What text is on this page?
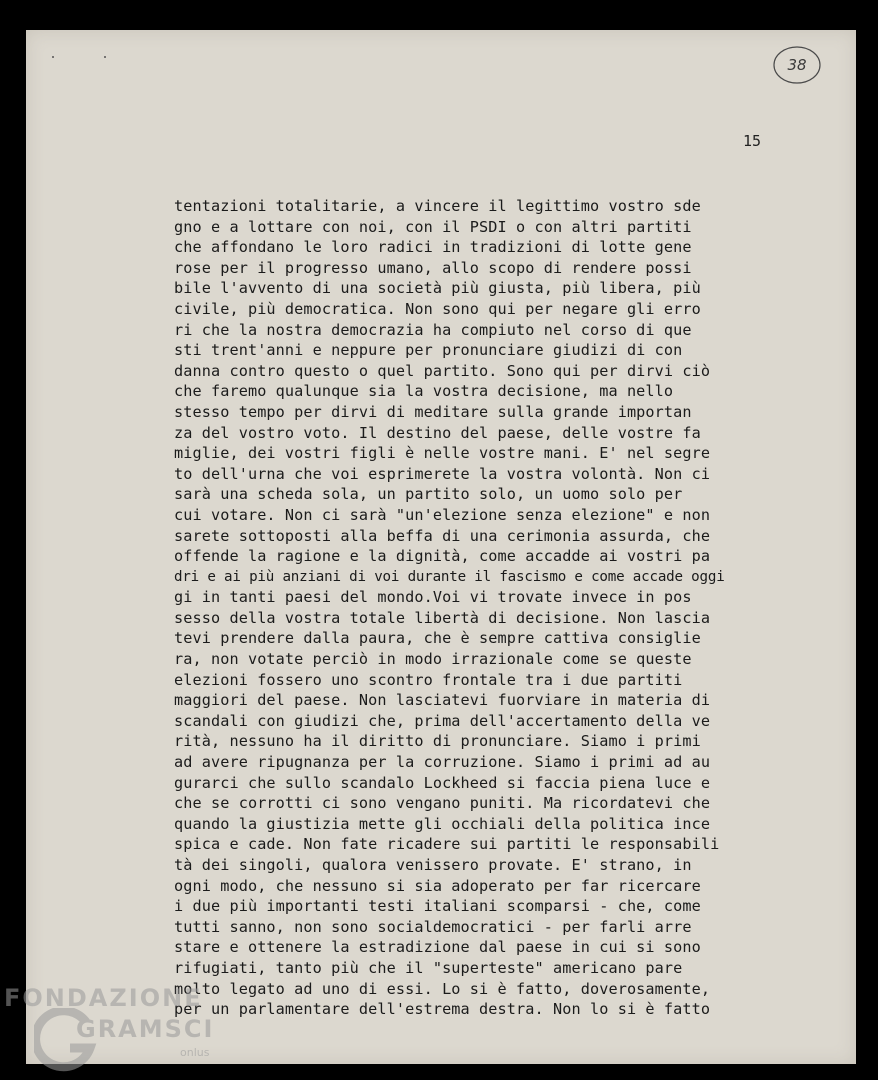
38
15
tentazioni totalitarie, a vincere il legittimo vostro sde
gno e a lottare con noi, con il PSDI o con altri partiti
che affondano le loro radici in tradizioni di lotte gene
rose per il progresso umano, allo scopo di rendere possi
bile l'avvento di una società più giusta, più libera, più
civile, più democratica. Non sono qui per negare gli erro
ri che la nostra democrazia ha compiuto nel corso di que
sti trent'anni e neppure per pronunciare giudizi di con
danna contro questo o quel partito. Sono qui per dirvi ciò
che faremo qualunque sia la vostra decisione, ma nello
stesso tempo per dirvi di meditare sulla grande importan
za del vostro voto. Il destino del paese, delle vostre fa
miglie, dei vostri figli è nelle vostre mani. E' nel segre
to dell'urna che voi esprimerete la vostra volontà. Non ci
sarà una scheda sola, un partito solo, un uomo solo per
cui votare. Non ci sarà "un'elezione senza elezione" e non
sarete sottoposti alla beffa di una cerimonia assurda, che
offende la ragione e la dignità, come accadde ai vostri pa
dri e ai più anziani di voi durante il fascismo e come accade oggi
gi in tanti paesi del mondo.Voi vi trovate invece in pos
sesso della vostra totale libertà di decisione. Non lascia
tevi prendere dalla paura, che è sempre cattiva consiglie
ra, non votate perciò in modo irrazionale come se queste
elezioni fossero uno scontro frontale tra i due partiti
maggiori del paese. Non lasciatevi fuorviare in materia di
scandali con giudizi che, prima dell'accertamento della ve
rità, nessuno ha il diritto di pronunciare. Siamo i primi
ad avere ripugnanza per la corruzione. Siamo i primi ad au
gurarci che sullo scandalo Lockheed si faccia piena luce e
che se corrotti ci sono vengano puniti. Ma ricordatevi che
quando la giustizia mette gli occhiali della politica ince
spica e cade. Non fate ricadere sui partiti le responsabili
tà dei singoli, qualora venissero provate. E' strano, in
ogni modo, che nessuno si sia adoperato per far ricercare
i due più importanti testi italiani scomparsi - che, come
tutti sanno, non sono socialdemocratici - per farli arre
stare e ottenere la estradizione dal paese in cui si sono
rifugiati, tanto più che il "superteste" americano pare
molto legato ad uno di essi. Lo si è fatto, doverosamente,
per un parlamentare dell'estrema destra. Non lo si è fatto
FONDAZIONE
GRAMSCI
onlus
